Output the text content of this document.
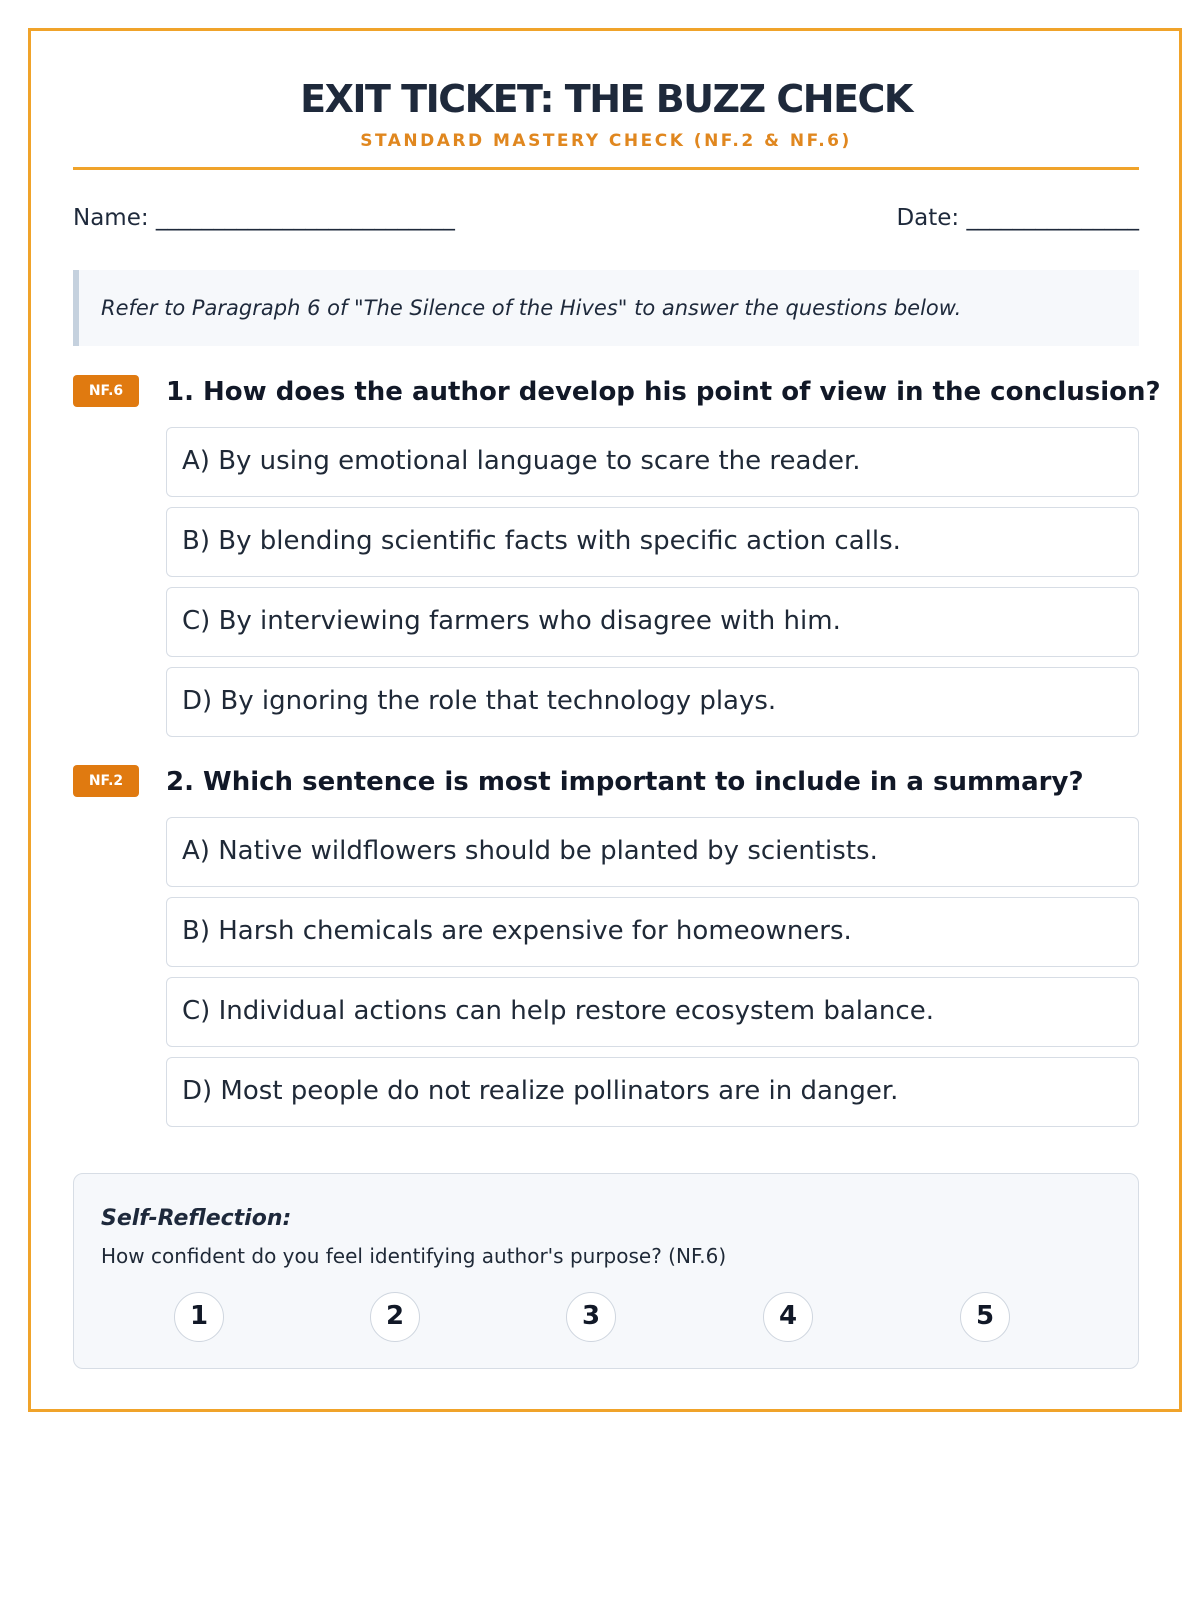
EXIT TICKET: THE BUZZ CHECK
STANDARD MASTERY CHECK (NF.2 & NF.6)
Name: __________________________	Date: _______________
Refer to Paragraph 6 of "The Silence of the Hives" to answer the questions below.
NF.6	1. How does the author develop his point of view in the conclusion?
A) By using emotional language to scare the reader.
B) By blending scientific facts with specific action calls.
C) By interviewing farmers who disagree with him.
D) By ignoring the role that technology plays.
NF.2	2. Which sentence is most important to include in a summary?
A) Native wildflowers should be planted by scientists.
B) Harsh chemicals are expensive for homeowners.
C) Individual actions can help restore ecosystem balance.
D) Most people do not realize pollinators are in danger.
Self-Reflection:
How confident do you feel identifying author's purpose? (NF.6)
1	2	3	4	5
